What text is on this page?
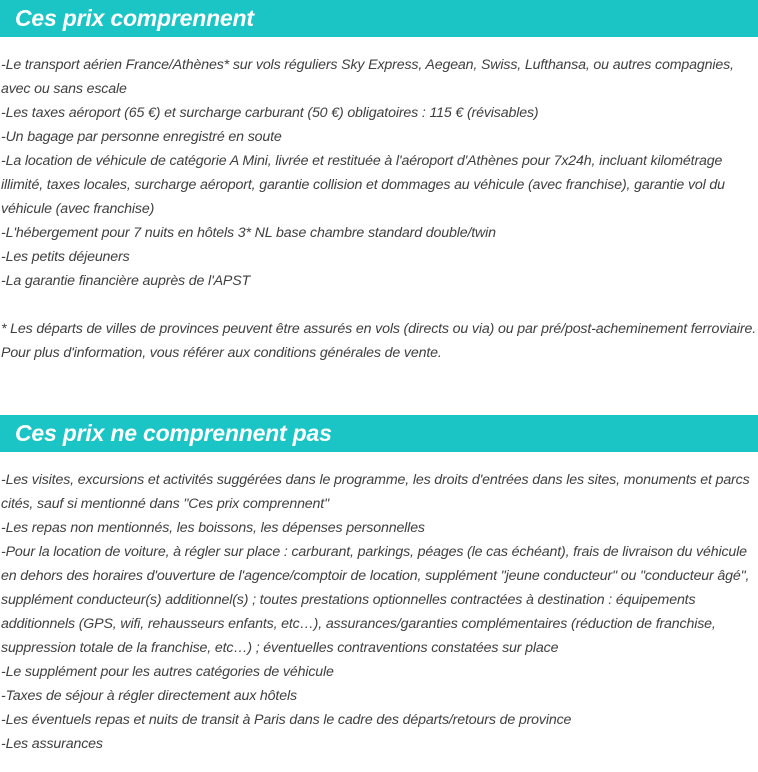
Ces prix comprennent

-Le transport aérien France/Athènes* sur vols réguliers Sky Express, Aegean, Swiss, Lufthansa, ou autres compagnies, avec ou sans escale

-Les taxes aéroport (65 €) et surcharge carburant (50 €) obligatoires : 115 € (révisables)

-Un bagage par personne enregistré en soute

-La location de véhicule de catégorie A Mini, livrée et restituée à l'aéroport d'Athènes pour 7x24h, incluant kilométrage illimité, taxes locales, surcharge aéroport, garantie collision et dommages au véhicule (avec franchise), garantie vol du véhicule (avec franchise)

-L'hébergement pour 7 nuits en hôtels 3* NL base chambre standard double/twin

-Les petits déjeuners

-La garantie financière auprès de l'APST

* Les départs de villes de provinces peuvent être assurés en vols (directs ou via) ou par pré/post-acheminement ferroviaire. Pour plus d'information, vous référer aux conditions générales de vente.

Ces prix ne comprennent pas

-Les visites, excursions et activités suggérées dans le programme, les droits d'entrées dans les sites, monuments et parcs cités, sauf si mentionné dans "Ces prix comprennent"

-Les repas non mentionnés, les boissons, les dépenses personnelles

-Pour la location de voiture, à régler sur place : carburant, parkings, péages (le cas échéant), frais de livraison du véhicule en dehors des horaires d'ouverture de l'agence/comptoir de location, supplément "jeune conducteur" ou "conducteur âgé", supplément conducteur(s) additionnel(s) ; toutes prestations optionnelles contractées à destination : équipements additionnels (GPS, wifi, rehausseurs enfants, etc…), assurances/garanties complémentaires (réduction de franchise, suppression totale de la franchise, etc…) ; éventuelles contraventions constatées sur place

-Le supplément pour les autres catégories de véhicule

-Taxes de séjour à régler directement aux hôtels

-Les éventuels repas et nuits de transit à Paris dans le cadre des départs/retours de province

-Les assurances
